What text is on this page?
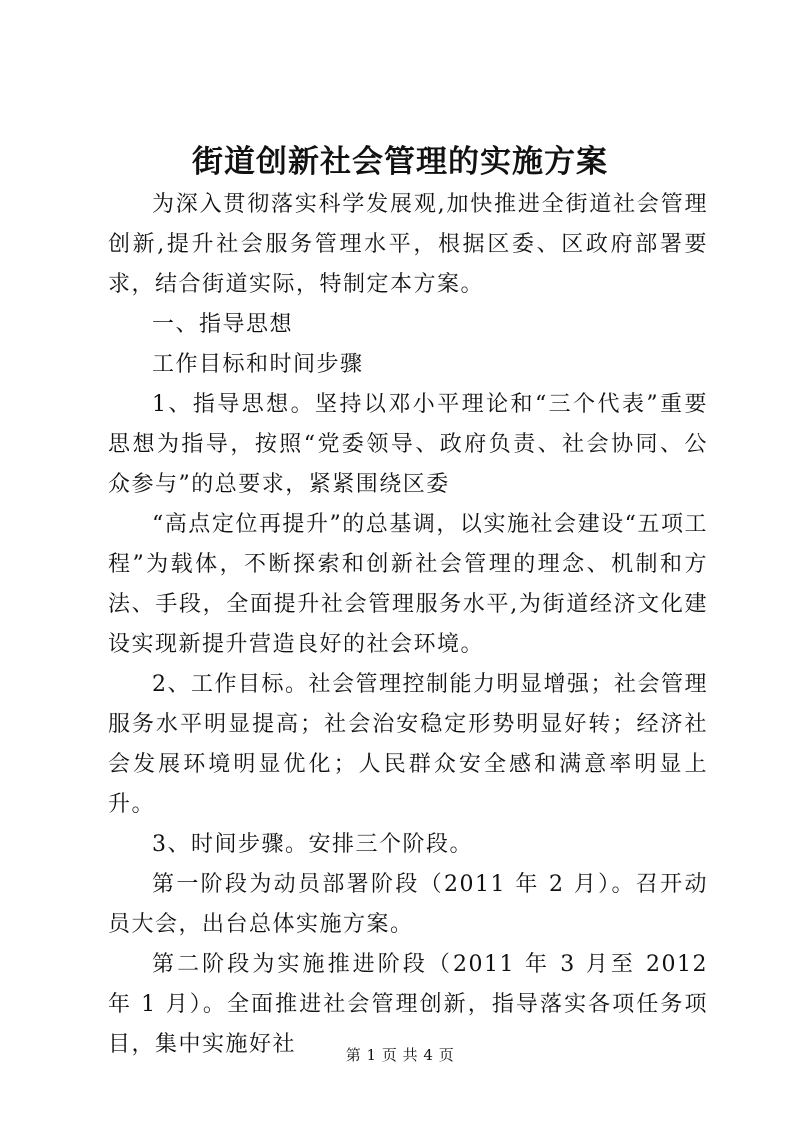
街道创新社会管理的实施方案

为深入贯彻落实科学发展观,加快推进全街道社会管理创新,提升社会服务管理水平，根据区委、区政府部署要求，结合街道实际，特制定本方案。

一、指导思想

工作目标和时间步骤

1、指导思想。坚持以邓小平理论和“三个代表”重要思想为指导，按照“党委领导、政府负责、社会协同、公众参与”的总要求，紧紧围绕区委

“高点定位再提升”的总基调，以实施社会建设“五项工程”为载体，不断探索和创新社会管理的理念、机制和方法、手段，全面提升社会管理服务水平,为街道经济文化建设实现新提升营造良好的社会环境。

2、工作目标。社会管理控制能力明显增强；社会管理服务水平明显提高；社会治安稳定形势明显好转；经济社会发展环境明显优化；人民群众安全感和满意率明显上升。

3、时间步骤。安排三个阶段。

第一阶段为动员部署阶段（2011 年 2 月）。召开动员大会，出台总体实施方案。

第二阶段为实施推进阶段（2011 年 3 月至 2012 年 1 月）。全面推进社会管理创新，指导落实各项任务项目，集中实施好社	第 1 页 共 4 页
